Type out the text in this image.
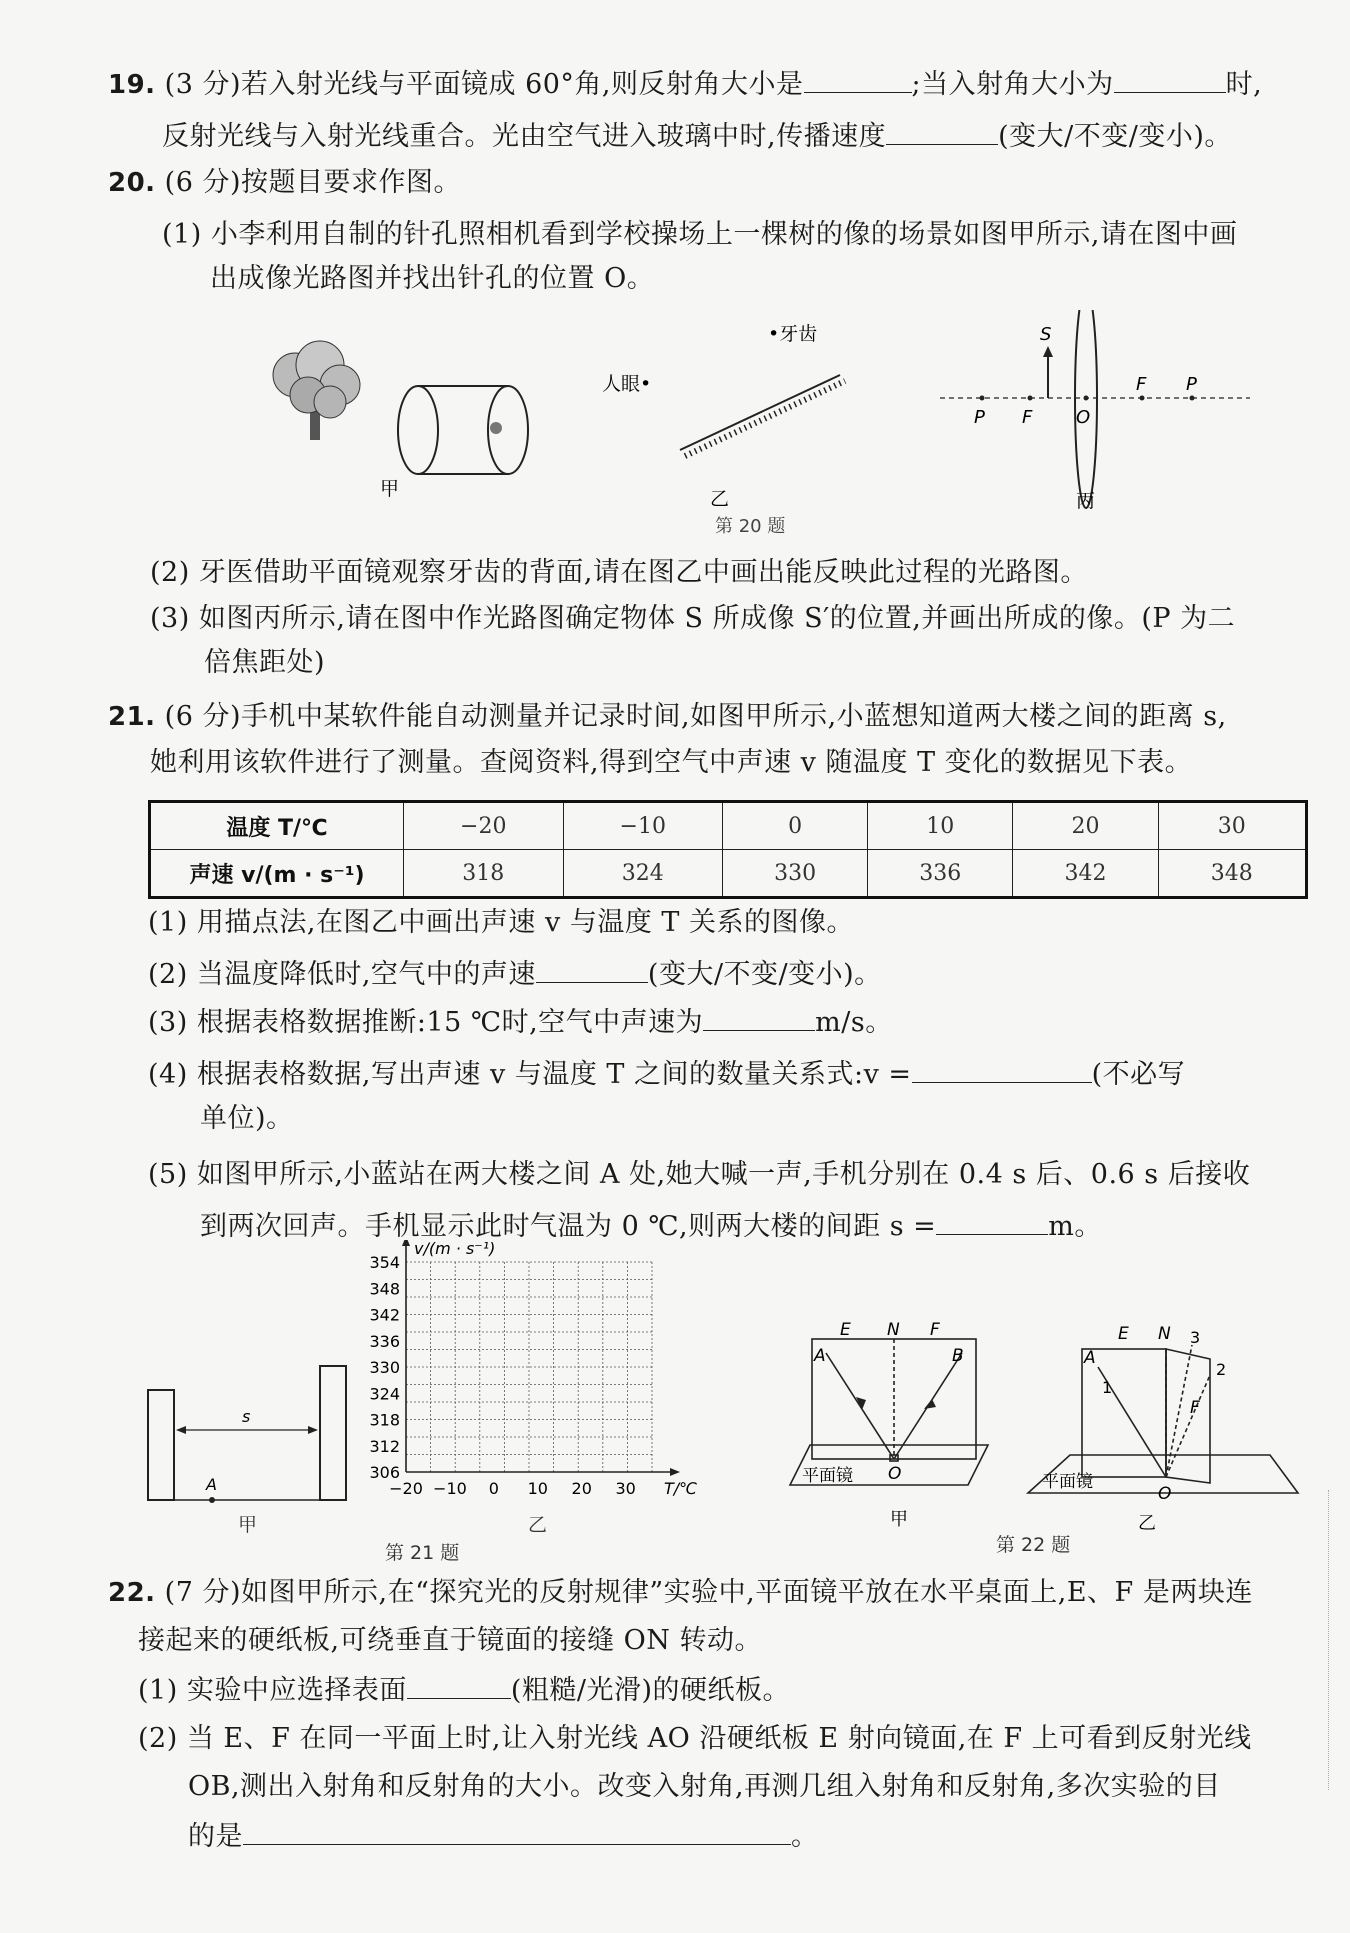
19. (3 分)若入射光线与平面镜成 60°角,则反射角大小是	;当入射角大小为	时,
反射光线与入射光线重合。光由空气进入玻璃中时,传播速度	(变大/不变/变小)。
20. (6 分)按题目要求作图。
(1) 小李利用自制的针孔照相机看到学校操场上一棵树的像的场景如图甲所示,请在图中画
出成像光路图并找出针孔的位置 O。
甲
•牙齿
人眼•
乙
第 20 题
S
P F O
F P
丙
(2) 牙医借助平面镜观察牙齿的背面,请在图乙中画出能反映此过程的光路图。
(3) 如图丙所示,请在图中作光路图确定物体 S 所成像 S′的位置,并画出所成的像。(P 为二
倍焦距处)
21. (6 分)手机中某软件能自动测量并记录时间,如图甲所示,小蓝想知道两大楼之间的距离 s,
她利用该软件进行了测量。查阅资料,得到空气中声速 v 随温度 T 变化的数据见下表。
温度 T/℃	−20	−10	0	10	20	30
声速 v/(m · s⁻¹)	318	324	330	336	342	348
(1) 用描点法,在图乙中画出声速 v 与温度 T 关系的图像。
(2) 当温度降低时,空气中的声速	(变大/不变/变小)。
(3) 根据表格数据推断:15 ℃时,空气中声速为	m/s。
(4) 根据表格数据,写出声速 v 与温度 T 之间的数量关系式:v =	(不必写
单位)。
(5) 如图甲所示,小蓝站在两大楼之间 A 处,她大喊一声,手机分别在 0.4 s 后、0.6 s 后接收
到两次回声。手机显示此时气温为 0 ℃,则两大楼的间距 s =	m。
s
A
甲
354
348
342
336
330
324
318
312
306
−20 −10 0 10 20 30
v/(m · s⁻¹)
T/℃
乙
第 21 题
E N F
A	B
O
平面镜
甲
E N
F
A
O
1
2
3
平面镜
乙
第 22 题
22. (7 分)如图甲所示,在“探究光的反射规律”实验中,平面镜平放在水平桌面上,E、F 是两块连
接起来的硬纸板,可绕垂直于镜面的接缝 ON 转动。
(1) 实验中应选择表面	(粗糙/光滑)的硬纸板。
(2) 当 E、F 在同一平面上时,让入射光线 AO 沿硬纸板 E 射向镜面,在 F 上可看到反射光线
OB,测出入射角和反射角的大小。改变入射角,再测几组入射角和反射角,多次实验的目
的是	。
